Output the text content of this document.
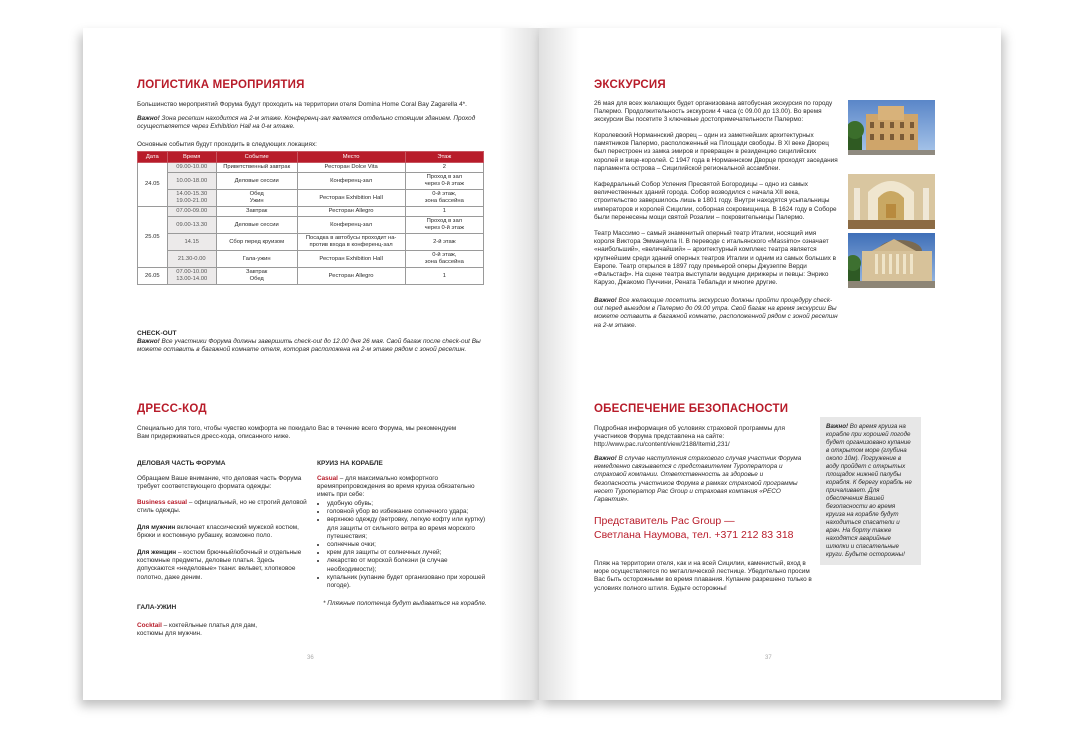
ЛОГИСТИКА МЕРОПРИЯТИЯ

Большинство мероприятий Форума будут проходить на территории отеля Domina Home Coral Bay Zagarella 4*.

Важно! Зона ресепшн находится на 2-м этаже. Конференц-зал является отдельно стоящим зданием. Проход осуществляется через Exhibition Hall на 0-м этаже.

Основные события будут проходить в следующих локациях:

Дата	Время	Событие	Место	Этаж
24.05	09.00-10.00	Приветственный завтрак	Ресторан Dolce Vita	2
	10.00-18.00	Деловые сессии	Конференц-зал	Проход в зал
через 0-й этаж
	14.00-15.30
19.00-21.00	Обед
Ужин	Ресторан Exhibition Hall	0-й этаж,
зона бассейна
25.05	07.00-09.00	Завтрак	Ресторан Allegro	1
	09.00-13.30	Деловые сессии	Конференц-зал	Проход в зал
через 0-й этаж
	14.15	Сбор перед круизом	Посадка в автобусы проходит на-
против входа в конференц-зал	2-й этаж
	21.30-0.00	Гала-ужин	Ресторан Exhibition Hall	0-й этаж,
зона бассейна
26.05	07.00-10.00
13.00-14.00	Завтрак
Обед	Ресторан Allegro	1

CHECK-OUT

Важно! Все участники Форума должны завершить check-out до 12.00 дня 26 мая. Свой багаж после check-out Вы можете оставить в багажной комнате отеля, которая расположена на 2-м этаже рядом с зоной ресепшн.

ДРЕСС-КОД

Специально для того, чтобы чувство комфорта не покидало Вас в течение всего Форума, мы рекомендуем Вам придерживаться дресс-кода, описанного ниже.

ДЕЛОВАЯ ЧАСТЬ ФОРУМА

Обращаем Ваше внимание, что деловая часть Форума требует соответствующего формата одежды:

Business casual – официальный, но не строгий деловой стиль одежды.

Для мужчин включает классический мужской костюм, брюки и костюмную рубашку, возможно поло.

Для женщин – костюм брючный/юбочный и отдельные костюмные предметы, деловые платья. Здесь допускаются «неделовые» ткани: вельвет, хлопковое полотно, даже деним.

ГАЛА-УЖИН

Cocktail – коктейльные платья для дам,
костюмы для мужчин.

КРУИЗ НА КОРАБЛЕ

Casual – для максимально комфортного времяпрепровождения во время круиза обязательно иметь при себе:

• удобную обувь;
• головной убор во избежание солнечного удара;
• верхнюю одежду (ветровку, легкую кофту или куртку) для защиты от сильного ветра во время морского путешествия;
• солнечные очки;
• крем для защиты от солнечных лучей;
• лекарство от морской болезни (в случае необходимости);
• купальник (купание будет организовано при хорошей погоде).

* Пляжные полотенца будут выдаваться на корабле.

36
ЭКСКУРСИЯ

26 мая для всех желающих будет организована автобусная экскурсия по городу Палермо. Продолжительность экскурсии 4 часа (с 09.00 до 13.00). Во время экскурсии Вы посетите 3 ключевые достопримечательности Палермо:

Королевский Норманнский дворец – один из заметнейших архитектурных памятников Палермо, расположенный на Площади свободы. В XI веке Дворец был перестроен из замка эмиров и превращен в резиденцию сицилийских королей и вице-королей. С 1947 года в Норманнском Дворце проходят заседания парламента острова – Сицилийской региональной ассамблеи.

Кафедральный Собор Успения Пресвятой Богородицы – одно из самых величественных зданий города. Собор возводился с начала XII века, строительство завершилось лишь в 1801 году. Внутри находятся усыпальницы императоров и королей Сицилии, соборная сокровищница. В 1624 году в Соборе были перенесены мощи святой Розалии – покровительницы Палермо.

Театр Массимо – самый знаменитый оперный театр Италии, носящий имя короля Виктора Эммануила II. В переводе с итальянского «Massimo» означает «наибольший», «величайший» – архитектурный комплекс театра является крупнейшим среди зданий оперных театров Италии и одним из самых больших в Европе. Театр открылся в 1897 году премьерой оперы Джузеппе Верди «Фальстаф». На сцене театра выступали ведущие дирижеры и певцы: Энрико Карузо, Джакомо Пуччини, Рената Тебальди и многие другие.

Важно! Все желающие посетить экскурсию должны пройти процедуру check-out перед выездом в Палермо до 09.00 утра. Свой багаж на время экскурсии Вы можете оставить в багажной комнате, расположенной рядом с зоной ресепшн на 2-м этаже.

ОБЕСПЕЧЕНИЕ БЕЗОПАСНОСТИ

Подробная информация об условиях страховой программы для участников Форума представлена на сайте: http://www.pac.ru/content/view/2188/Itemid,231/

Важно! В случае наступления страхового случая участник Форума немедленно связывается с представителем Туроператора и страховой компании. Ответственность за здоровье и безопасность участников Форума в рамках страховой программы несет Туроператор Pac Group и страховая компания «РЕСО Гарантия».

Представитель Pac Group —
Светлана Наумова, тел. +371 212 83 318

Пляж на территории отеля, как и на всей Сицилии, каменистый, вход в море осуществляется по металлической лестнице. Убедительно просим Вас быть осторожными во время плавания. Купание разрешено только в условиях полного штиля. Будьте осторожны!

Важно! Во время круиза на корабле при хорошей погоде будет организовано купание в открытом море (глубина около 10м). Погружение в воду пройдет с открытых площадок нижней палубы корабля. К берегу корабль не причаливает. Для обеспечения Вашей безопасности во время круиза на корабле будут находиться спасатели и врач. На борту также находятся аварийные шлюпки и спасательные круги. Будьте осторожны!

37
